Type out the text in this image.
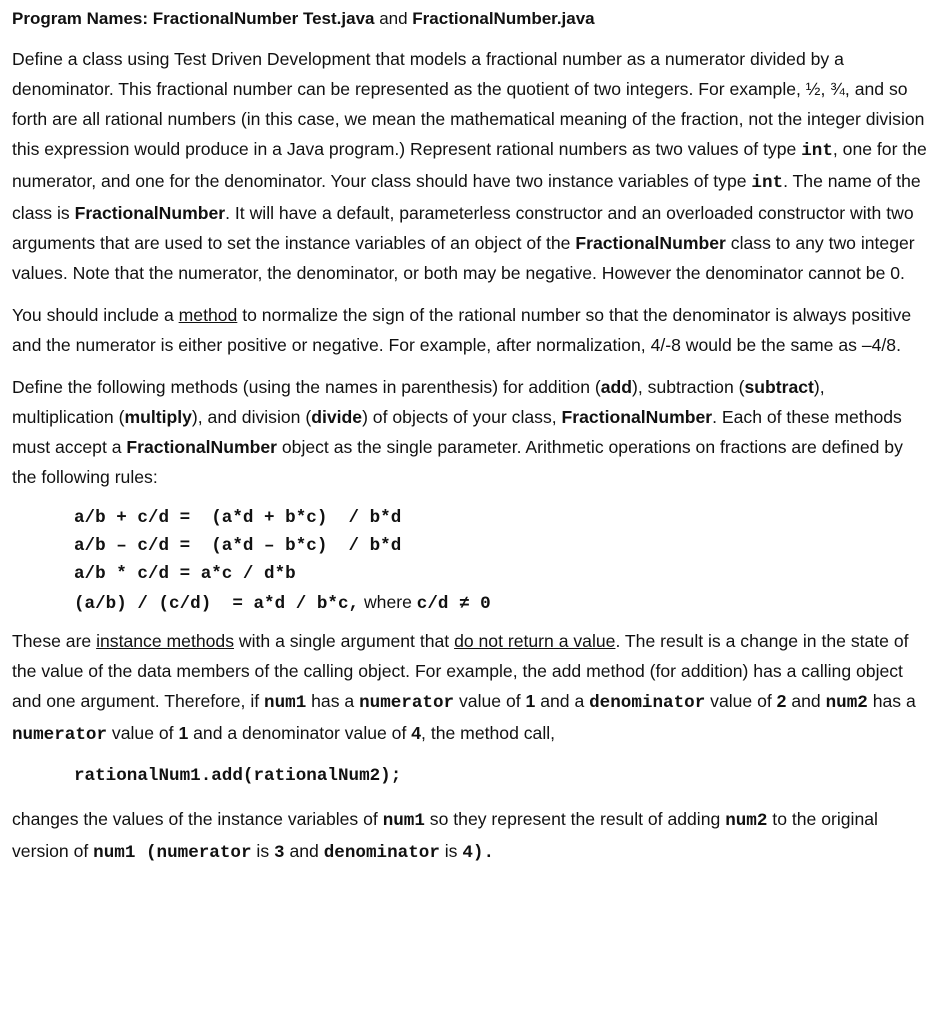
Program Names: FractionalNumber Test.java and FractionalNumber.java

Define a class using Test Driven Development that models a fractional number as a numerator divided by a denominator. This fractional number can be represented as the quotient of two integers. For example, ½, ¾, and so forth are all rational numbers (in this case, we mean the mathematical meaning of the fraction, not the integer division this expression would produce in a Java program.) Represent rational numbers as two values of type int, one for the numerator, and one for the denominator. Your class should have two instance variables of type int. The name of the class is FractionalNumber. It will have a default, parameterless constructor and an overloaded constructor with two arguments that are used to set the instance variables of an object of the FractionalNumber class to any two integer values. Note that the numerator, the denominator, or both may be negative. However the denominator cannot be 0.

You should include a method to normalize the sign of the rational number so that the denominator is always positive and the numerator is either positive or negative. For example, after normalization, 4/-8 would be the same as –4/8.

Define the following methods (using the names in parenthesis) for addition (add), subtraction (subtract), multiplication (multiply), and division (divide) of objects of your class, FractionalNumber. Each of these methods must accept a FractionalNumber object as the single parameter. Arithmetic operations on fractions are defined by the following rules:

a/b + c/d =  (a*d + b*c)  / b*d
a/b – c/d =  (a*d – b*c)  / b*d
a/b * c/d = a*c / d*b
(a/b) / (c/d)  = a*d / b*c, where c/d ≠ 0

These are instance methods with a single argument that do not return a value. The result is a change in the state of the value of the data members of the calling object. For example, the add method (for addition) has a calling object and one argument. Therefore, if num1 has a numerator value of 1 and a denominator value of 2 and num2 has a numerator value of 1 and a denominator value of 4, the method call,

rationalNum1.add(rationalNum2);

changes the values of the instance variables of num1 so they represent the result of adding num2 to the original version of num1 (numerator is 3 and denominator is 4).
